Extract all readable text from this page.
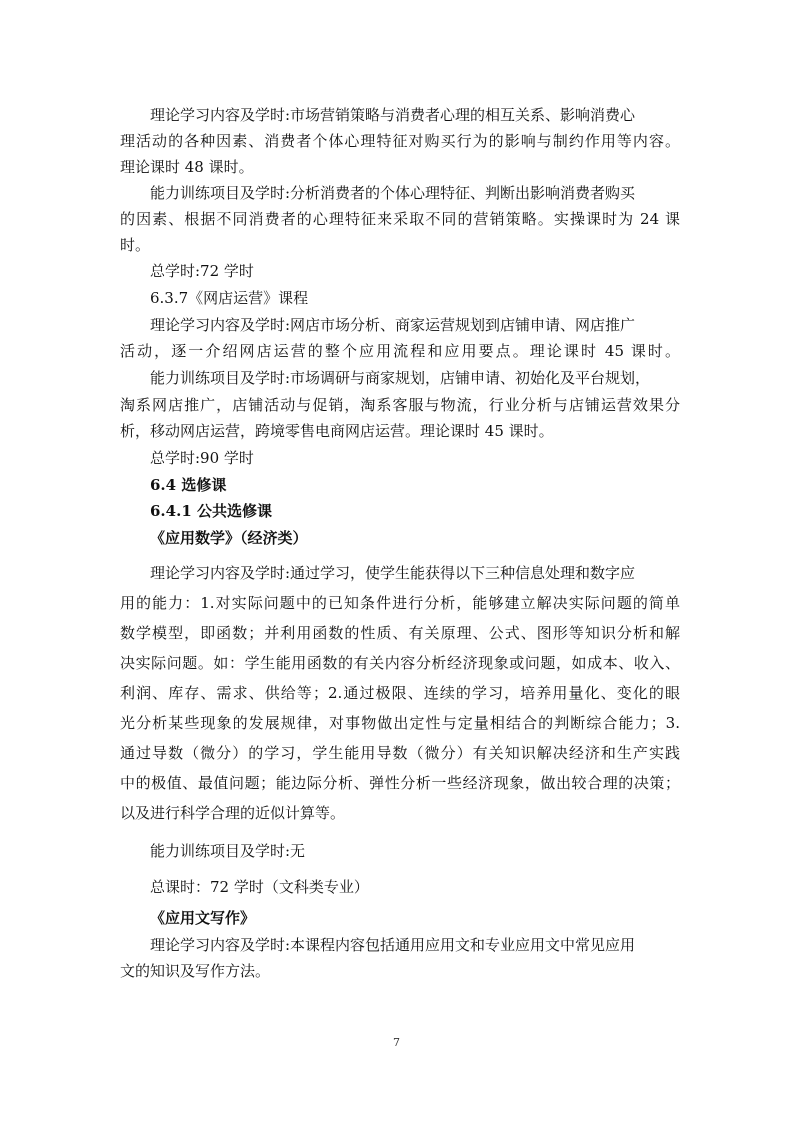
理论学习内容及学时:市场营销策略与消费者心理的相互关系、影响消费心
理活动的各种因素、消费者个体心理特征对购买行为的影响与制约作用等内容。
理论课时 48 课时。
能力训练项目及学时:分析消费者的个体心理特征、判断出影响消费者购买
的因素、根据不同消费者的心理特征来采取不同的营销策略。实操课时为 24 课
时。
总学时:72 学时
6.3.7《网店运营》课程
理论学习内容及学时:网店市场分析、商家运营规划到店铺申请、网店推广
活动，逐一介绍网店运营的整个应用流程和应用要点。理论课时 45 课时。
能力训练项目及学时:市场调研与商家规划，店铺申请、初始化及平台规划，
淘系网店推广，店铺活动与促销，淘系客服与物流，行业分析与店铺运营效果分
析，移动网店运营，跨境零售电商网店运营。理论课时 45 课时。
总学时:90 学时
6.4 选修课
6.4.1 公共选修课
《应用数学》（经济类）
理论学习内容及学时:通过学习，使学生能获得以下三种信息处理和数字应
用的能力：1.对实际问题中的已知条件进行分析，能够建立解决实际问题的简单
数学模型，即函数；并利用函数的性质、有关原理、公式、图形等知识分析和解
决实际问题。如：学生能用函数的有关内容分析经济现象或问题，如成本、收入、
利润、库存、需求、供给等；2.通过极限、连续的学习，培养用量化、变化的眼
光分析某些现象的发展规律，对事物做出定性与定量相结合的判断综合能力；3.
通过导数（微分）的学习，学生能用导数（微分）有关知识解决经济和生产实践
中的极值、最值问题；能边际分析、弹性分析一些经济现象，做出较合理的决策；
以及进行科学合理的近似计算等。
能力训练项目及学时:无
总课时：72 学时（文科类专业）
《应用文写作》
理论学习内容及学时:本课程内容包括通用应用文和专业应用文中常见应用
文的知识及写作方法。
7
